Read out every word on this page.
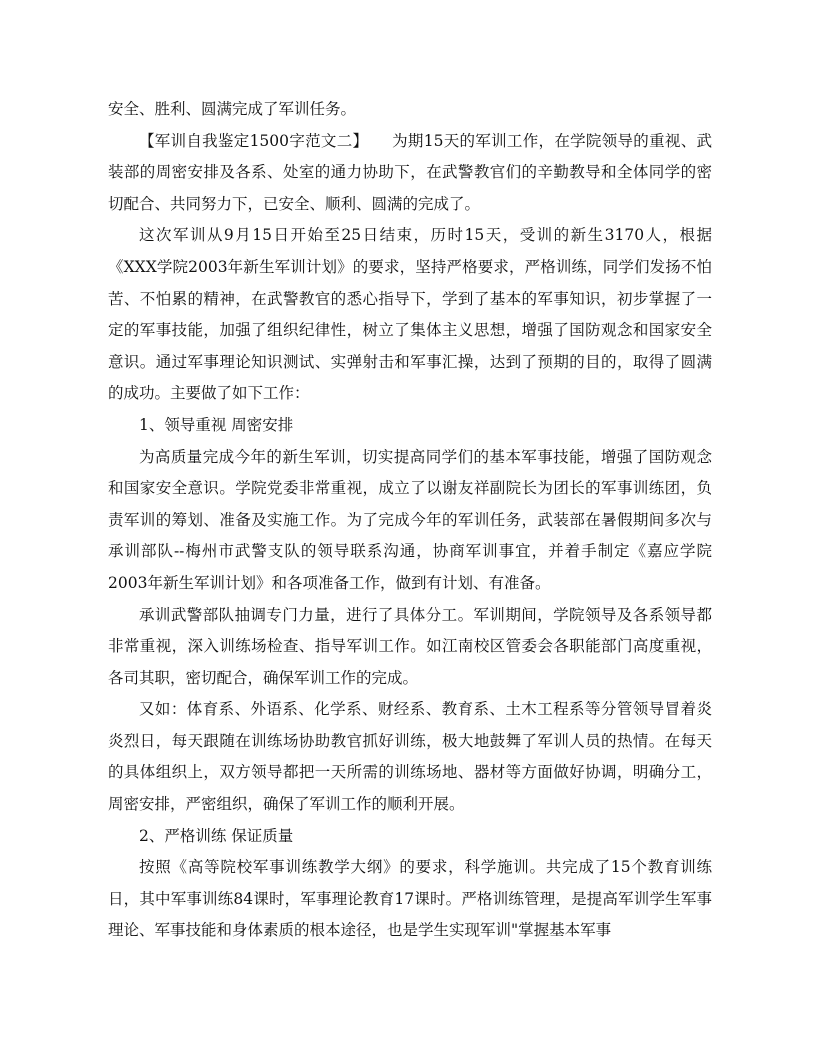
安全、胜利、圆满完成了军训任务。

【军训自我鉴定1500字范文二】　　为期15天的军训工作，在学院领导的重视、武装部的周密安排及各系、处室的通力协助下，在武警教官们的辛勤教导和全体同学的密切配合、共同努力下，已安全、顺利、圆满的完成了。

这次军训从9月15日开始至25日结束，历时15天，受训的新生3170人，根据《XXX学院2003年新生军训计划》的要求，坚持严格要求，严格训练，同学们发扬不怕苦、不怕累的精神，在武警教官的悉心指导下，学到了基本的军事知识，初步掌握了一定的军事技能，加强了组织纪律性，树立了集体主义思想，增强了国防观念和国家安全意识。通过军事理论知识测试、实弹射击和军事汇操，达到了预期的目的，取得了圆满的成功。主要做了如下工作：

1、领导重视 周密安排

为高质量完成今年的新生军训，切实提高同学们的基本军事技能，增强了国防观念和国家安全意识。学院党委非常重视，成立了以谢友祥副院长为团长的军事训练团，负责军训的筹划、准备及实施工作。为了完成今年的军训任务，武装部在暑假期间多次与承训部队--梅州市武警支队的领导联系沟通，协商军训事宜，并着手制定《嘉应学院2003年新生军训计划》和各项准备工作，做到有计划、有准备。

承训武警部队抽调专门力量，进行了具体分工。军训期间，学院领导及各系领导都非常重视，深入训练场检查、指导军训工作。如江南校区管委会各职能部门高度重视，各司其职，密切配合，确保军训工作的完成。

又如：体育系、外语系、化学系、财经系、教育系、土木工程系等分管领导冒着炎炎烈日，每天跟随在训练场协助教官抓好训练，极大地鼓舞了军训人员的热情。在每天的具体组织上，双方领导都把一天所需的训练场地、器材等方面做好协调，明确分工，周密安排，严密组织，确保了军训工作的顺利开展。

2、严格训练 保证质量

按照《高等院校军事训练教学大纲》的要求，科学施训。共完成了15个教育训练日，其中军事训练84课时，军事理论教育17课时。严格训练管理，是提高军训学生军事理论、军事技能和身体素质的根本途径，也是学生实现军训"掌握基本军事
